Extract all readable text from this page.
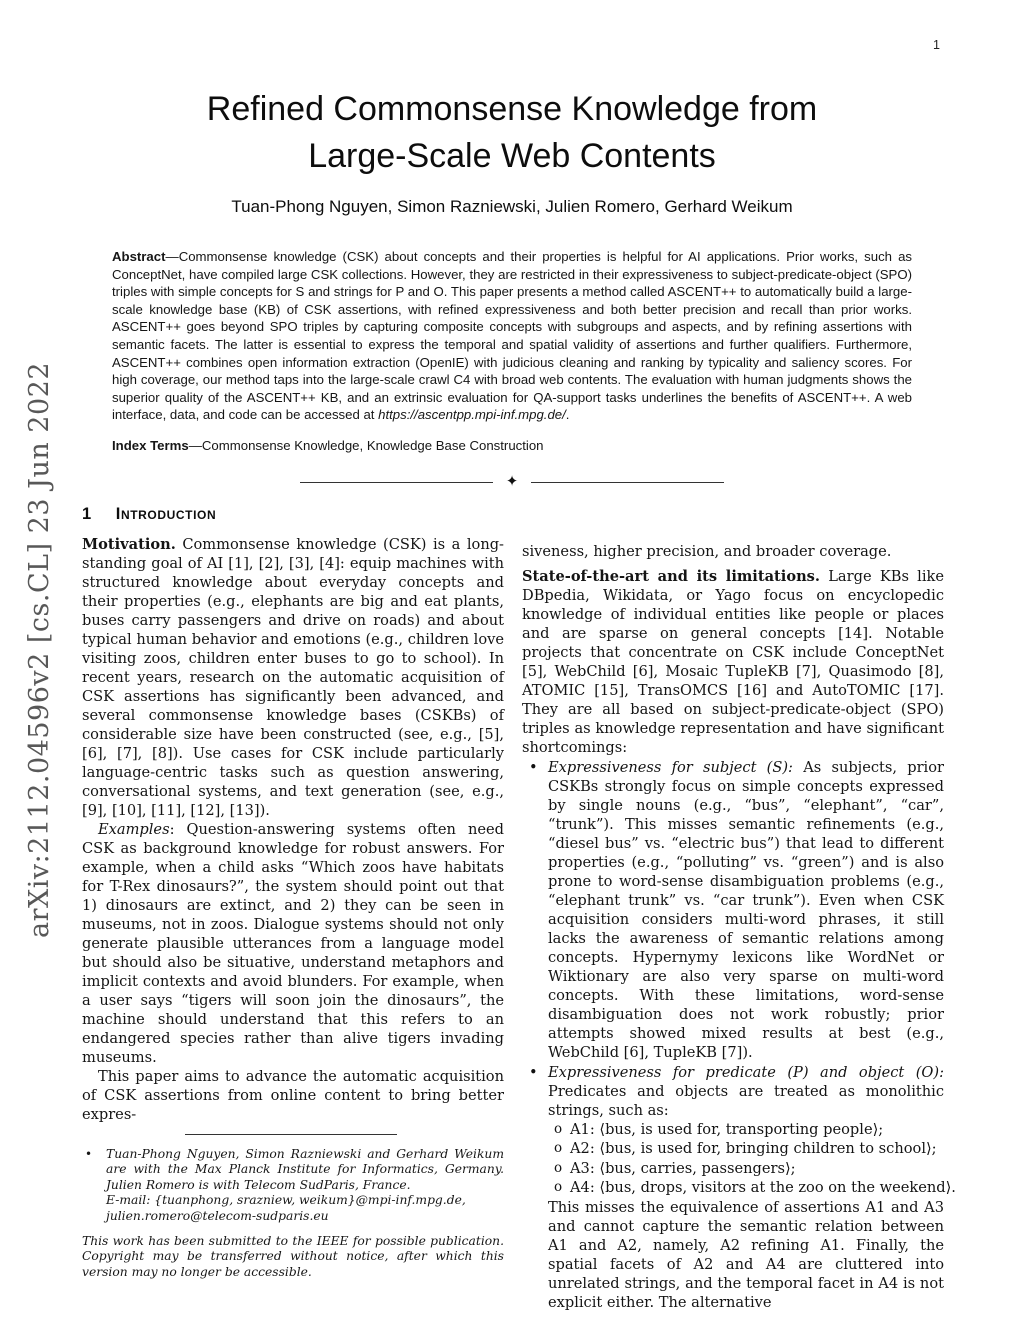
1
arXiv:2112.04596v2 [cs.CL] 23 Jun 2022
Refined Commonsense Knowledge from
Large-Scale Web Contents
Tuan-Phong Nguyen, Simon Razniewski, Julien Romero, Gerhard Weikum

Abstract—Commonsense knowledge (CSK) about concepts and their properties is helpful for AI applications. Prior works, such as ConceptNet, have compiled large CSK collections. However, they are restricted in their expressiveness to subject-predicate-object (SPO) triples with simple concepts for S and strings for P and O. This paper presents a method called ASCENT++ to automatically build a large-scale knowledge base (KB) of CSK assertions, with refined expressiveness and both better precision and recall than prior works. ASCENT++ goes beyond SPO triples by capturing composite concepts with subgroups and aspects, and by refining assertions with semantic facets. The latter is essential to express the temporal and spatial validity of assertions and further qualifiers. Furthermore, ASCENT++ combines open information extraction (OpenIE) with judicious cleaning and ranking by typicality and saliency scores. For high coverage, our method taps into the large-scale crawl C4 with broad web contents. The evaluation with human judgments shows the superior quality of the ASCENT++ KB, and an extrinsic evaluation for QA-support tasks underlines the benefits of ASCENT++. A web interface, data, and code can be accessed at https://ascentpp.mpi-inf.mpg.de/.

Index Terms—Commonsense Knowledge, Knowledge Base Construction

✦
1 Introduction

Motivation. Commonsense knowledge (CSK) is a long-standing goal of AI [1], [2], [3], [4]: equip machines with structured knowledge about everyday concepts and their properties (e.g., elephants are big and eat plants, buses carry passengers and drive on roads) and about typical human behavior and emotions (e.g., children love visiting zoos, children enter buses to go to school). In recent years, research on the automatic acquisition of CSK assertions has significantly been advanced, and several commonsense knowledge bases (CSKBs) of considerable size have been constructed (see, e.g., [5], [6], [7], [8]). Use cases for CSK include particularly language-centric tasks such as question answering, conversational systems, and text generation (see, e.g., [9], [10], [11], [12], [13]).

Examples: Question-answering systems often need CSK as background knowledge for robust answers. For example, when a child asks “Which zoos have habitats for T-Rex dinosaurs?”, the system should point out that 1) dinosaurs are extinct, and 2) they can be seen in museums, not in zoos. Dialogue systems should not only generate plausible utterances from a language model but should also be situative, understand metaphors and implicit contexts and avoid blunders. For example, when a user says “tigers will soon join the dinosaurs”, the machine should understand that this refers to an endangered species rather than alive tigers invading museums.

This paper aims to advance the automatic acquisition of CSK assertions from online content to bring better expres-

• Tuan-Phong Nguyen, Simon Razniewski and Gerhard Weikum are with the Max Planck Institute for Informatics, Germany. Julien Romero is with Telecom SudParis, France.
E-mail: {tuanphong, srazniew, weikum}@mpi-inf.mpg.de,
julien.romero@telecom-sudparis.eu

This work has been submitted to the IEEE for possible publication. Copyright may be transferred without notice, after which this version may no longer be accessible.

siveness, higher precision, and broader coverage.

State-of-the-art and its limitations. Large KBs like DBpedia, Wikidata, or Yago focus on encyclopedic knowledge of individual entities like people or places and are sparse on general concepts [14]. Notable projects that concentrate on CSK include ConceptNet [5], WebChild [6], Mosaic TupleKB [7], Quasimodo [8], ATOMIC [15], TransOMCS [16] and AutoTOMIC [17]. They are all based on subject-predicate-object (SPO) triples as knowledge representation and have significant shortcomings:

• Expressiveness for subject (S): As subjects, prior CSKBs strongly focus on simple concepts expressed by single nouns (e.g., “bus”, “elephant”, “car”, “trunk”). This misses semantic refinements (e.g., “diesel bus” vs. “electric bus”) that lead to different properties (e.g., “polluting” vs. “green”) and is also prone to word-sense disambiguation problems (e.g., “elephant trunk” vs. “car trunk”). Even when CSK acquisition considers multi-word phrases, it still lacks the awareness of semantic relations among concepts. Hypernymy lexicons like WordNet or Wiktionary are also very sparse on multi-word concepts. With these limitations, word-sense disambiguation does not work robustly; prior attempts showed mixed results at best (e.g., WebChild [6], TupleKB [7]).

• Expressiveness for predicate (P) and object (O): Predicates and objects are treated as monolithic strings, such as:

o A1: ⟨bus, is used for, transporting people⟩;
o A2: ⟨bus, is used for, bringing children to school⟩;
o A3: ⟨bus, carries, passengers⟩;
o A4: ⟨bus, drops, visitors at the zoo on the weekend⟩.

This misses the equivalence of assertions A1 and A3 and cannot capture the semantic relation between A1 and A2, namely, A2 refining A1. Finally, the spatial facets of A2 and A4 are cluttered into unrelated strings, and the temporal facet in A4 is not explicit either. The alternative
